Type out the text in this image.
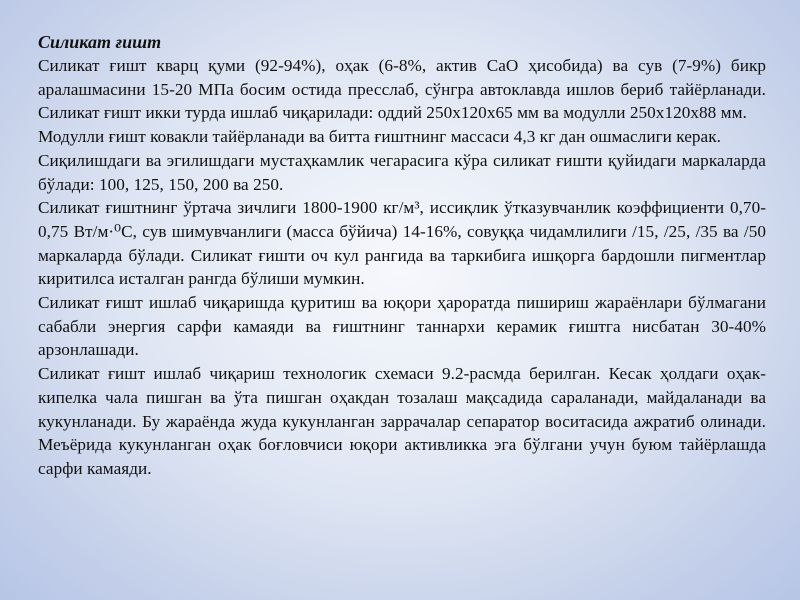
Силикат ғишт

Силикат ғишт кварц қуми (92-94%), оҳак (6-8%, актив СаО ҳисобида) ва сув (7-9%) бикр аралашмасини 15-20 МПа босим остида пресслаб, сўнгра автоклавда ишлов бериб тайёрланади. Силикат ғишт икки турда ишлаб чиқарилади: оддий 250х120х65 мм ва модулли 250х120х88 мм.

Модулли ғишт ковакли тайёрланади ва битта ғиштнинг массаси 4,3 кг дан ошмаслиги керак.

Сиқилишдаги ва эгилишдаги мустаҳкамлик чегарасига кўра силикат ғишти қуйидаги маркаларда бўлади: 100, 125, 150, 200 ва 250.

Силикат ғиштнинг ўртача зичлиги 1800-1900 кг/м³, иссиқлик ўтказувчанлик коэффициенти 0,70-0,75 Вт/м·⁰С, сув шимувчанлиги (масса бўйича) 14-16%, совуққа чидамлилиги /15, /25, /35 ва /50 маркаларда бўлади. Силикат ғишти оч кул рангида ва таркибига ишқорга бардошли пигментлар киритилса исталган рангда бўлиши мумкин.

Силикат ғишт ишлаб чиқаришда қуритиш ва юқори ҳароратда пишириш жараёнлари бўлмагани сабабли энергия сарфи камаяди ва ғиштнинг таннархи керамик ғиштга нисбатан 30-40% арзонлашади.

Силикат ғишт ишлаб чиқариш технологик схемаси 9.2-расмда берилган. Кесак ҳолдаги оҳак-кипелка чала пишган ва ўта пишган оҳакдан тозалаш мақсадида сараланади, майдаланади ва кукунланади. Бу жараёнда жуда кукунланган заррачалар сепаратор воситасида ажратиб олинади. Меъёрида кукунланган оҳак боғловчиси юқори активликка эга бўлгани учун буюм тайёрлашда сарфи камаяди.
